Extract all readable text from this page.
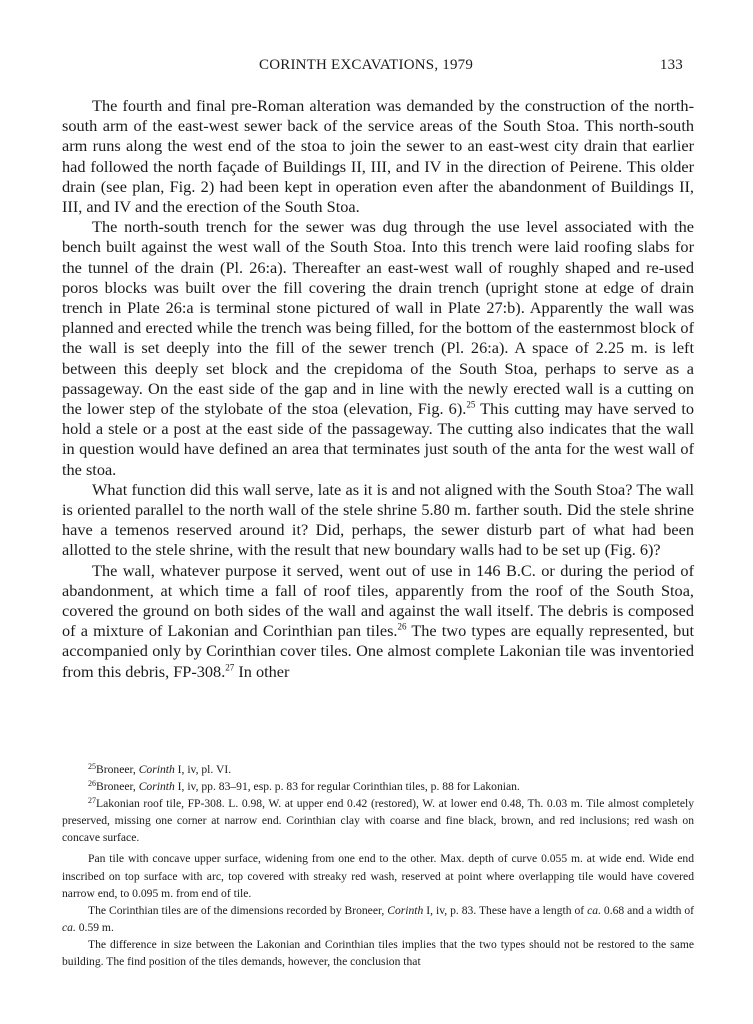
CORINTH EXCAVATIONS, 1979	133

The fourth and final pre-Roman alteration was demanded by the construction of the north-south arm of the east-west sewer back of the service areas of the South Stoa. This north-south arm runs along the west end of the stoa to join the sewer to an east-west city drain that earlier had followed the north façade of Buildings II, III, and IV in the direction of Peirene. This older drain (see plan, Fig. 2) had been kept in operation even after the abandonment of Buildings II, III, and IV and the erection of the South Stoa.

The north-south trench for the sewer was dug through the use level associated with the bench built against the west wall of the South Stoa. Into this trench were laid roofing slabs for the tunnel of the drain (Pl. 26:a). Thereafter an east-west wall of roughly shaped and re-used poros blocks was built over the fill covering the drain trench (upright stone at edge of drain trench in Plate 26:a is terminal stone pictured of wall in Plate 27:b). Apparently the wall was planned and erected while the trench was being filled, for the bottom of the easternmost block of the wall is set deeply into the fill of the sewer trench (Pl. 26:a). A space of 2.25 m. is left between this deeply set block and the crepidoma of the South Stoa, perhaps to serve as a passageway. On the east side of the gap and in line with the newly erected wall is a cutting on the lower step of the stylobate of the stoa (elevation, Fig. 6).$^{25}$ This cutting may have served to hold a stele or a post at the east side of the passageway. The cutting also indicates that the wall in question would have defined an area that terminates just south of the anta for the west wall of the stoa.

What function did this wall serve, late as it is and not aligned with the South Stoa? The wall is oriented parallel to the north wall of the stele shrine 5.80 m. farther south. Did the stele shrine have a temenos reserved around it? Did, perhaps, the sewer disturb part of what had been allotted to the stele shrine, with the result that new boundary walls had to be set up (Fig. 6)?

The wall, whatever purpose it served, went out of use in 146 B.C. or during the period of abandonment, at which time a fall of roof tiles, apparently from the roof of the South Stoa, covered the ground on both sides of the wall and against the wall itself. The debris is composed of a mixture of Lakonian and Corinthian pan tiles.$^{26}$ The two types are equally represented, but accompanied only by Corinthian cover tiles. One almost complete Lakonian tile was inventoried from this debris, FP-308.27 In other

$^{25}$Broneer, Corinth I, iv, pl. VI.

$^{26}$Broneer, Corinth I, iv, pp. 83–91, esp. p. 83 for regular Corinthian tiles, p. 88 for Lakonian.

$^{27}$Lakonian roof tile, FP-308. L. 0.98, W. at upper end 0.42 (restored), W. at lower end 0.48, Th. 0.03 m. Tile almost completely preserved, missing one corner at narrow end. Corinthian clay with coarse and fine black, brown, and red inclusions; red wash on concave surface.

Pan tile with concave upper surface, widening from one end to the other. Max. depth of curve 0.055 m. at wide end. Wide end inscribed on top surface with arc, top covered with streaky red wash, reserved at point where overlapping tile would have covered narrow end, to 0.095 m. from end of tile.

The Corinthian tiles are of the dimensions recorded by Broneer, Corinth I, iv, p. 83. These have a length of ca. 0.68 and a width of ca. 0.59 m.

The difference in size between the Lakonian and Corinthian tiles implies that the two types should not be restored to the same building. The find position of the tiles demands, however, the conclusion that
